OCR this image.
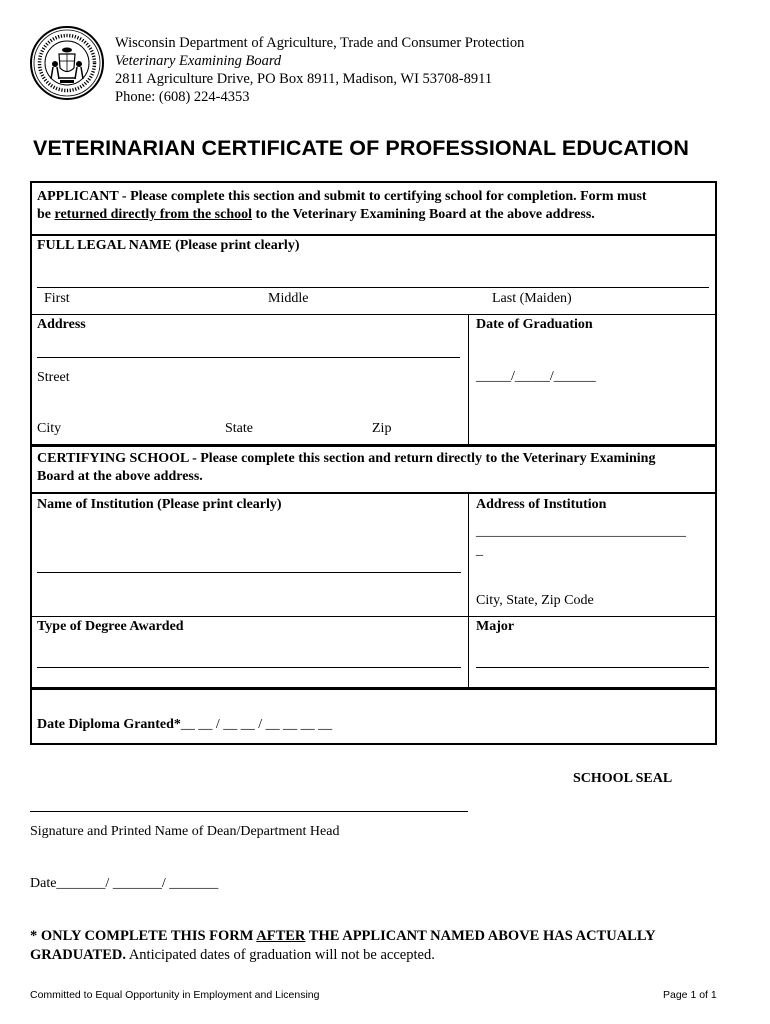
Wisconsin Department of Agriculture, Trade and Consumer Protection
Veterinary Examining Board
2811 Agriculture Drive, PO Box 8911, Madison, WI 53708-8911
Phone: (608) 224-4353
VETERINARIAN CERTIFICATE OF PROFESSIONAL EDUCATION
APPLICANT - Please complete this section and submit to certifying school for completion. Form must
be returned directly from the school to the Veterinary Examining Board at the above address.
FULL LEGAL NAME (Please print clearly)
First	Middle	Last (Maiden)
Address
Street
City	State	Zip
Date of Graduation
_____/_____/______
CERTIFYING SCHOOL - Please complete this section and return directly to the Veterinary Examining
Board at the above address.
Name of Institution (Please print clearly)	Address of Institution
______________________________
_
City, State, Zip Code
Type of Degree Awarded	Major
Date Diploma Granted*__ __ / __ __ / __ __ __ __
SCHOOL SEAL
Signature and Printed Name of Dean/Department Head
Date_______/ _______/ _______
* ONLY COMPLETE THIS FORM AFTER THE APPLICANT NAMED ABOVE HAS ACTUALLY
GRADUATED. Anticipated dates of graduation will not be accepted.
Committed to Equal Opportunity in Employment and Licensing	Page 1 of 1
